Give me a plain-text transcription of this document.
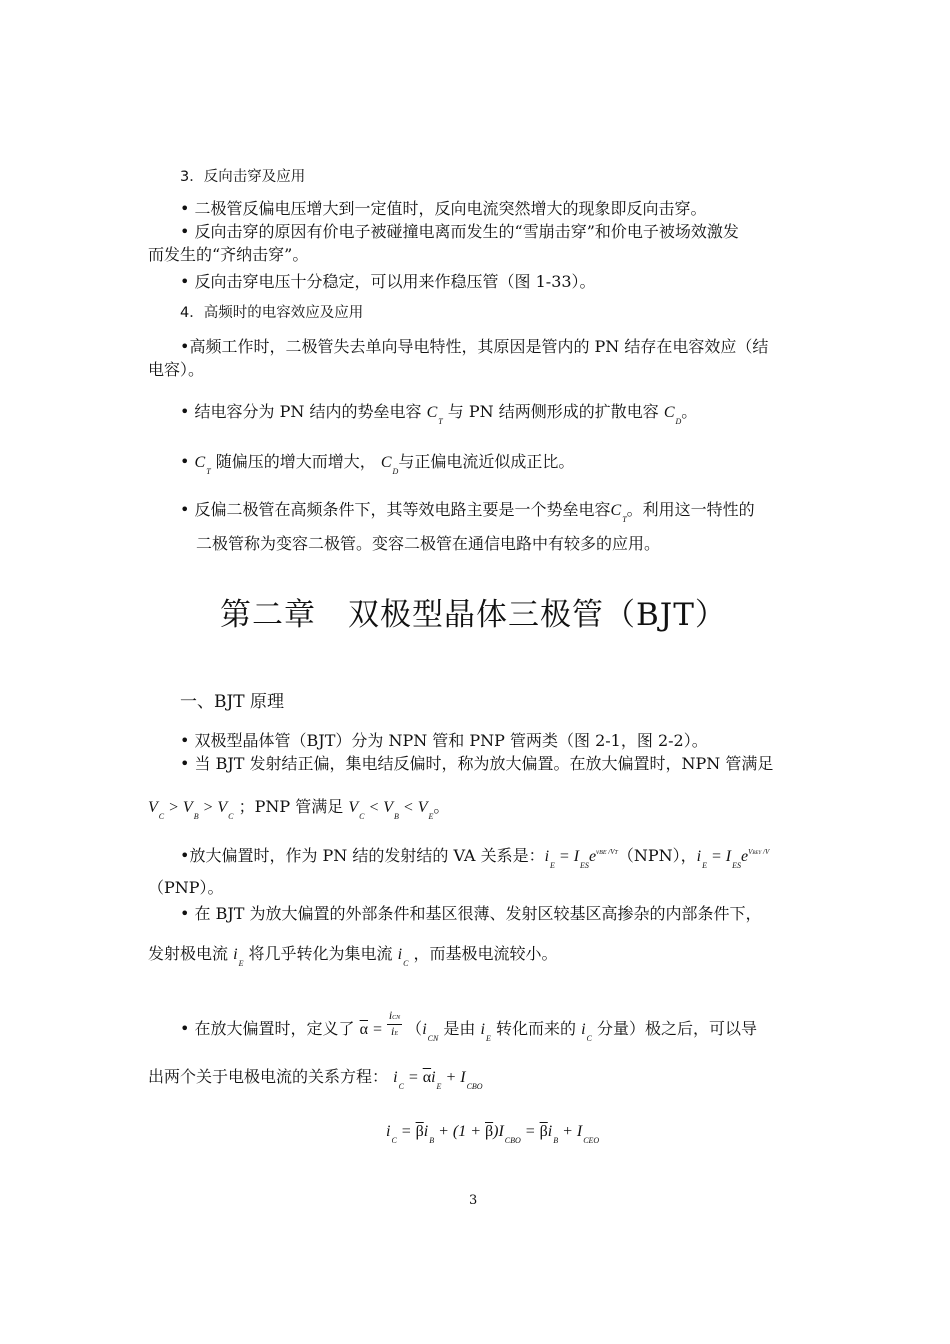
3．反向击穿及应用
• 二极管反偏电压增大到一定值时，反向电流突然增大的现象即反向击穿。
• 反向击穿的原因有价电子被碰撞电离而发生的“雪崩击穿”和价电子被场效激发
而发生的“齐纳击穿”。
• 反向击穿电压十分稳定，可以用来作稳压管（图 1-33）。
4．高频时的电容效应及应用
•高频工作时，二极管失去单向导电特性，其原因是管内的 PN 结存在电容效应（结
电容）。
• 结电容分为 PN 结内的势垒电容 $C_T$ 与 PN 结两侧形成的扩散电容 $C_D$。
• $C_T$ 随偏压的增大而增大， $C_D$与正偏电流近似成正比。
• 反偏二极管在高频条件下，其等效电路主要是一个势垒电容$C_T$。利用这一特性的
二极管称为变容二极管。变容二极管在通信电路中有较多的应用。
第二章　双极型晶体三极管（BJT）
一、BJT 原理
• 双极型晶体管（BJT）分为 NPN 管和 PNP 管两类（图 2-1，图 2-2）。
• 当 BJT 发射结正偏，集电结反偏时，称为放大偏置。在放大偏置时，NPN 管满足
$V_C > V_B > V_C$ ；PNP 管满足 $V_C < V_B < V_E$。
•放大偏置时，作为 PN 结的发射结的 VA 关系是：$i_E = I_{ES}e^{vBE /VT}(NPN)$，$i_E = I_{ES}e^{VBEY /V}$
（PNP）。
• 在 BJT 为放大偏置的外部条件和基区很薄、发射区较基区高掺杂的内部条件下，
发射极电流 $i_E$ 将几乎转化为集电流 $i_C$ ，而基极电流较小。
• 在放大偏置时，定义了 $\overline{\alpha} = \frac{\text{iCN}}{iE} (i_{CN}$ 是由 $i_E$ 转化而来的 $i_C$ 分量）极之后，可以导
出两个关于电极电流的关系方程： $i_C = \overline{\alpha}i_E + I_{CBO}$
$i_C = \overline{\beta}i_B + (1 + \overline{\beta})I_{CBO} = \overline{\beta}i_B + I_{CEO}$
3
